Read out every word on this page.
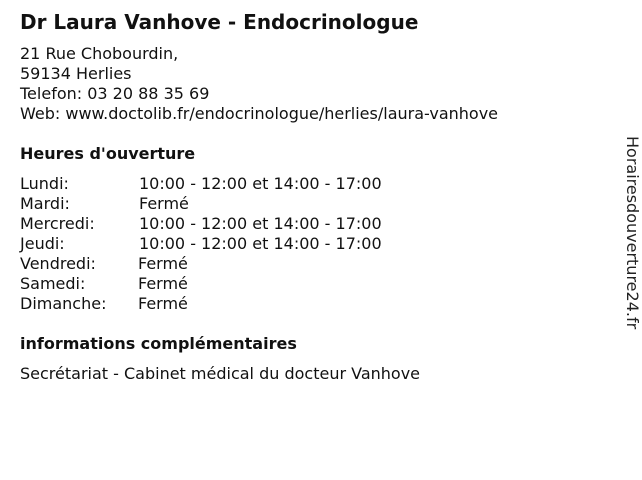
Dr Laura Vanhove - Endocrinologue
21 Rue Chobourdin,
59134 Herlies
Telefon: 03 20 88 35 69
Web: www.doctolib.fr/endocrinologue/herlies/laura-vanhove
Heures d'ouverture
Lundi:	10:00 - 12:00 et 14:00 - 17:00
Mardi:	Fermé
Mercredi:	10:00 - 12:00 et 14:00 - 17:00
Jeudi:	10:00 - 12:00 et 14:00 - 17:00
Vendredi:	Fermé
Samedi:	Fermé
Dimanche: Fermé
informations complémentaires
Secrétariat - Cabinet médical du docteur Vanhove
Horairesdouverture24.fr
